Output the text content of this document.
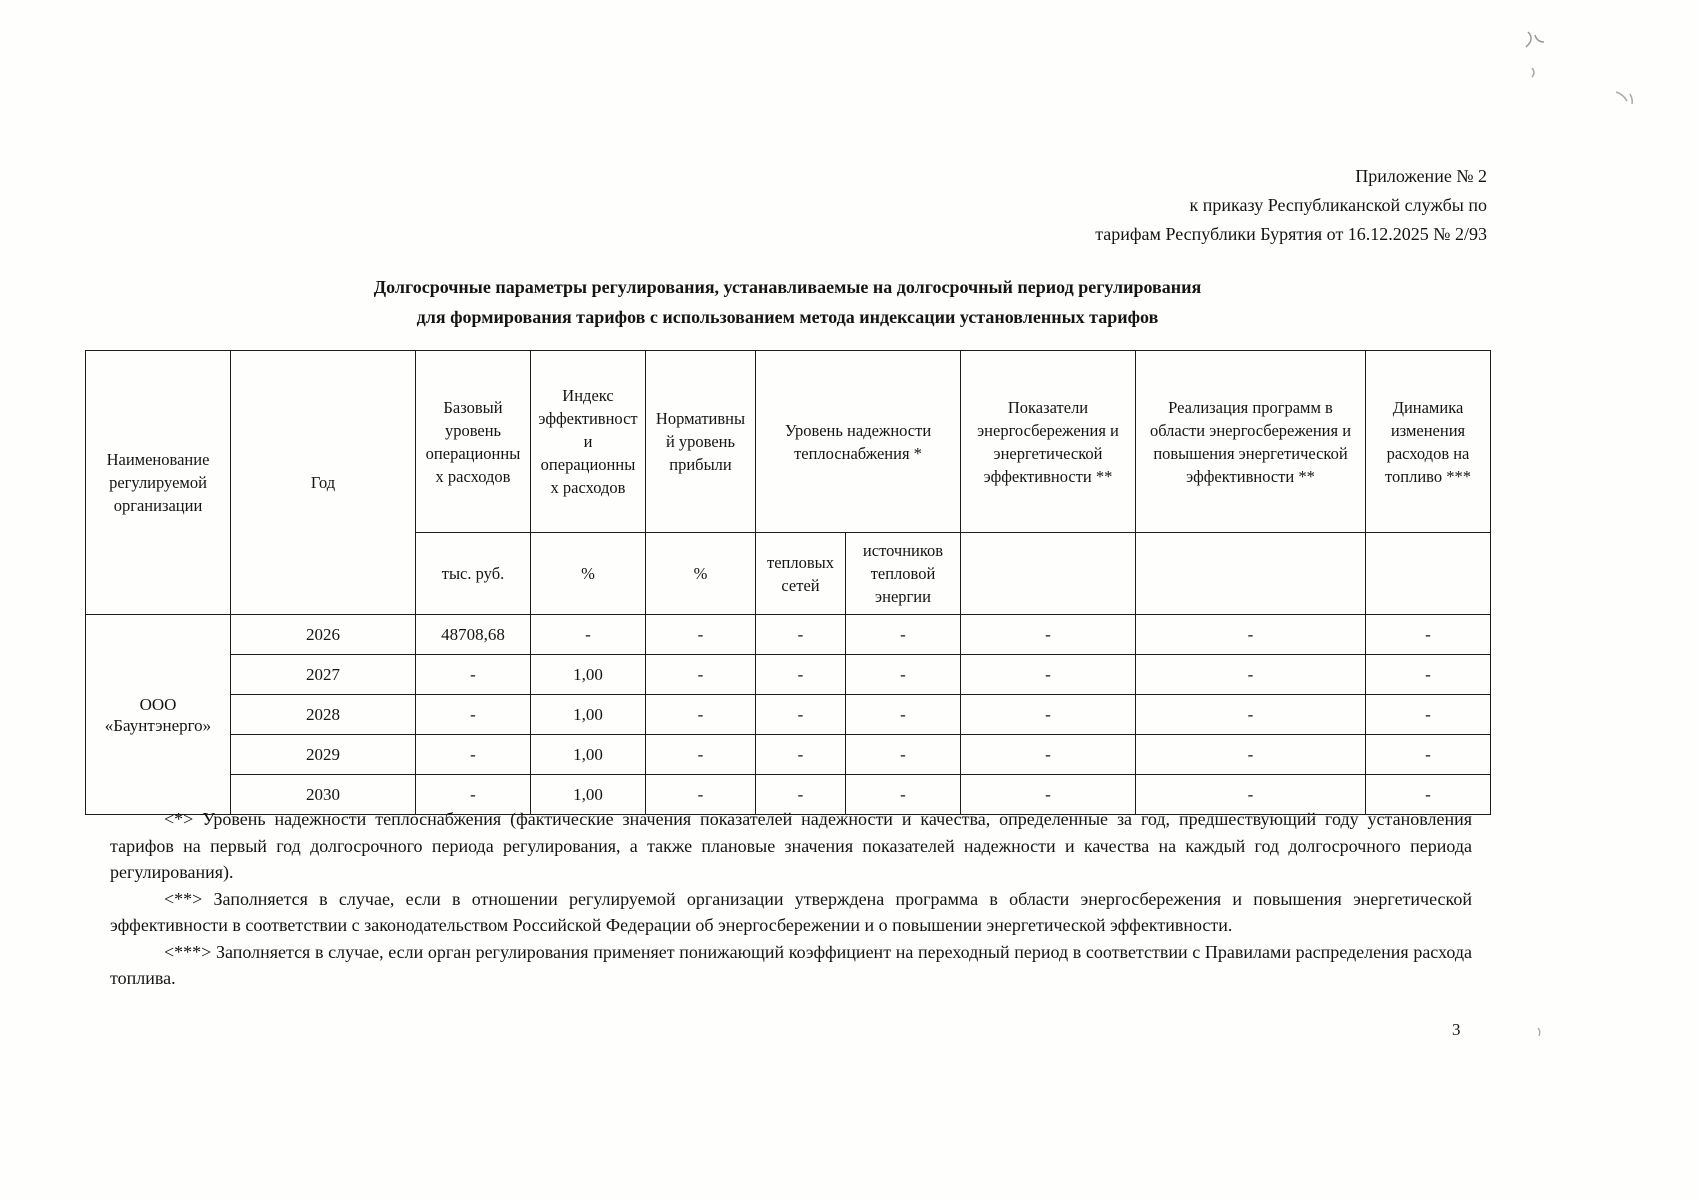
Приложение № 2
к приказу Республиканской службы по
тарифам Республики Бурятия от 16.12.2025 № 2/93
Долгосрочные параметры регулирования, устанавливаемые на долгосрочный период регулирования
для формирования тарифов с использованием метода индексации установленных тарифов
Наименование регулируемой организации	Год	Базовый уровень операционных расходов	Индекс эффективности операционных расходов	Нормативный уровень прибыли	Уровень надежности теплоснабжения *		Показатели энергосбережения и энергетической эффективности **	Реализация программ в области энергосбережения и повышения энергетической эффективности **	Динамика изменения расходов на топливо ***
		тыс. руб.	%	%	тепловых сетей	источников тепловой энергии			
ООО «Баунтэнерго»	2026	48708,68	-	-	-	-	-	-	-
	2027	-	1,00	-	-	-	-	-	-
	2028	-	1,00	-	-	-	-	-	-
	2029	-	1,00	-	-	-	-	-	-
	2030	-	1,00	-	-	-	-	-	-

<*> Уровень надежности теплоснабжения (фактические значения показателей надежности и качества, определенные за год, предшествующий году установления тарифов на первый год долгосрочного периода регулирования, а также плановые значения показателей надежности и качества на каждый год долгосрочного периода регулирования).

<**> Заполняется в случае, если в отношении регулируемой организации утверждена программа в области энергосбережения и повышения энергетической эффективности в соответствии с законодательством Российской Федерации об энергосбережении и о повышении энергетической эффективности.

<***> Заполняется в случае, если орган регулирования применяет понижающий коэффициент на переходный период в соответствии с Правилами распределения расхода топлива.

3
